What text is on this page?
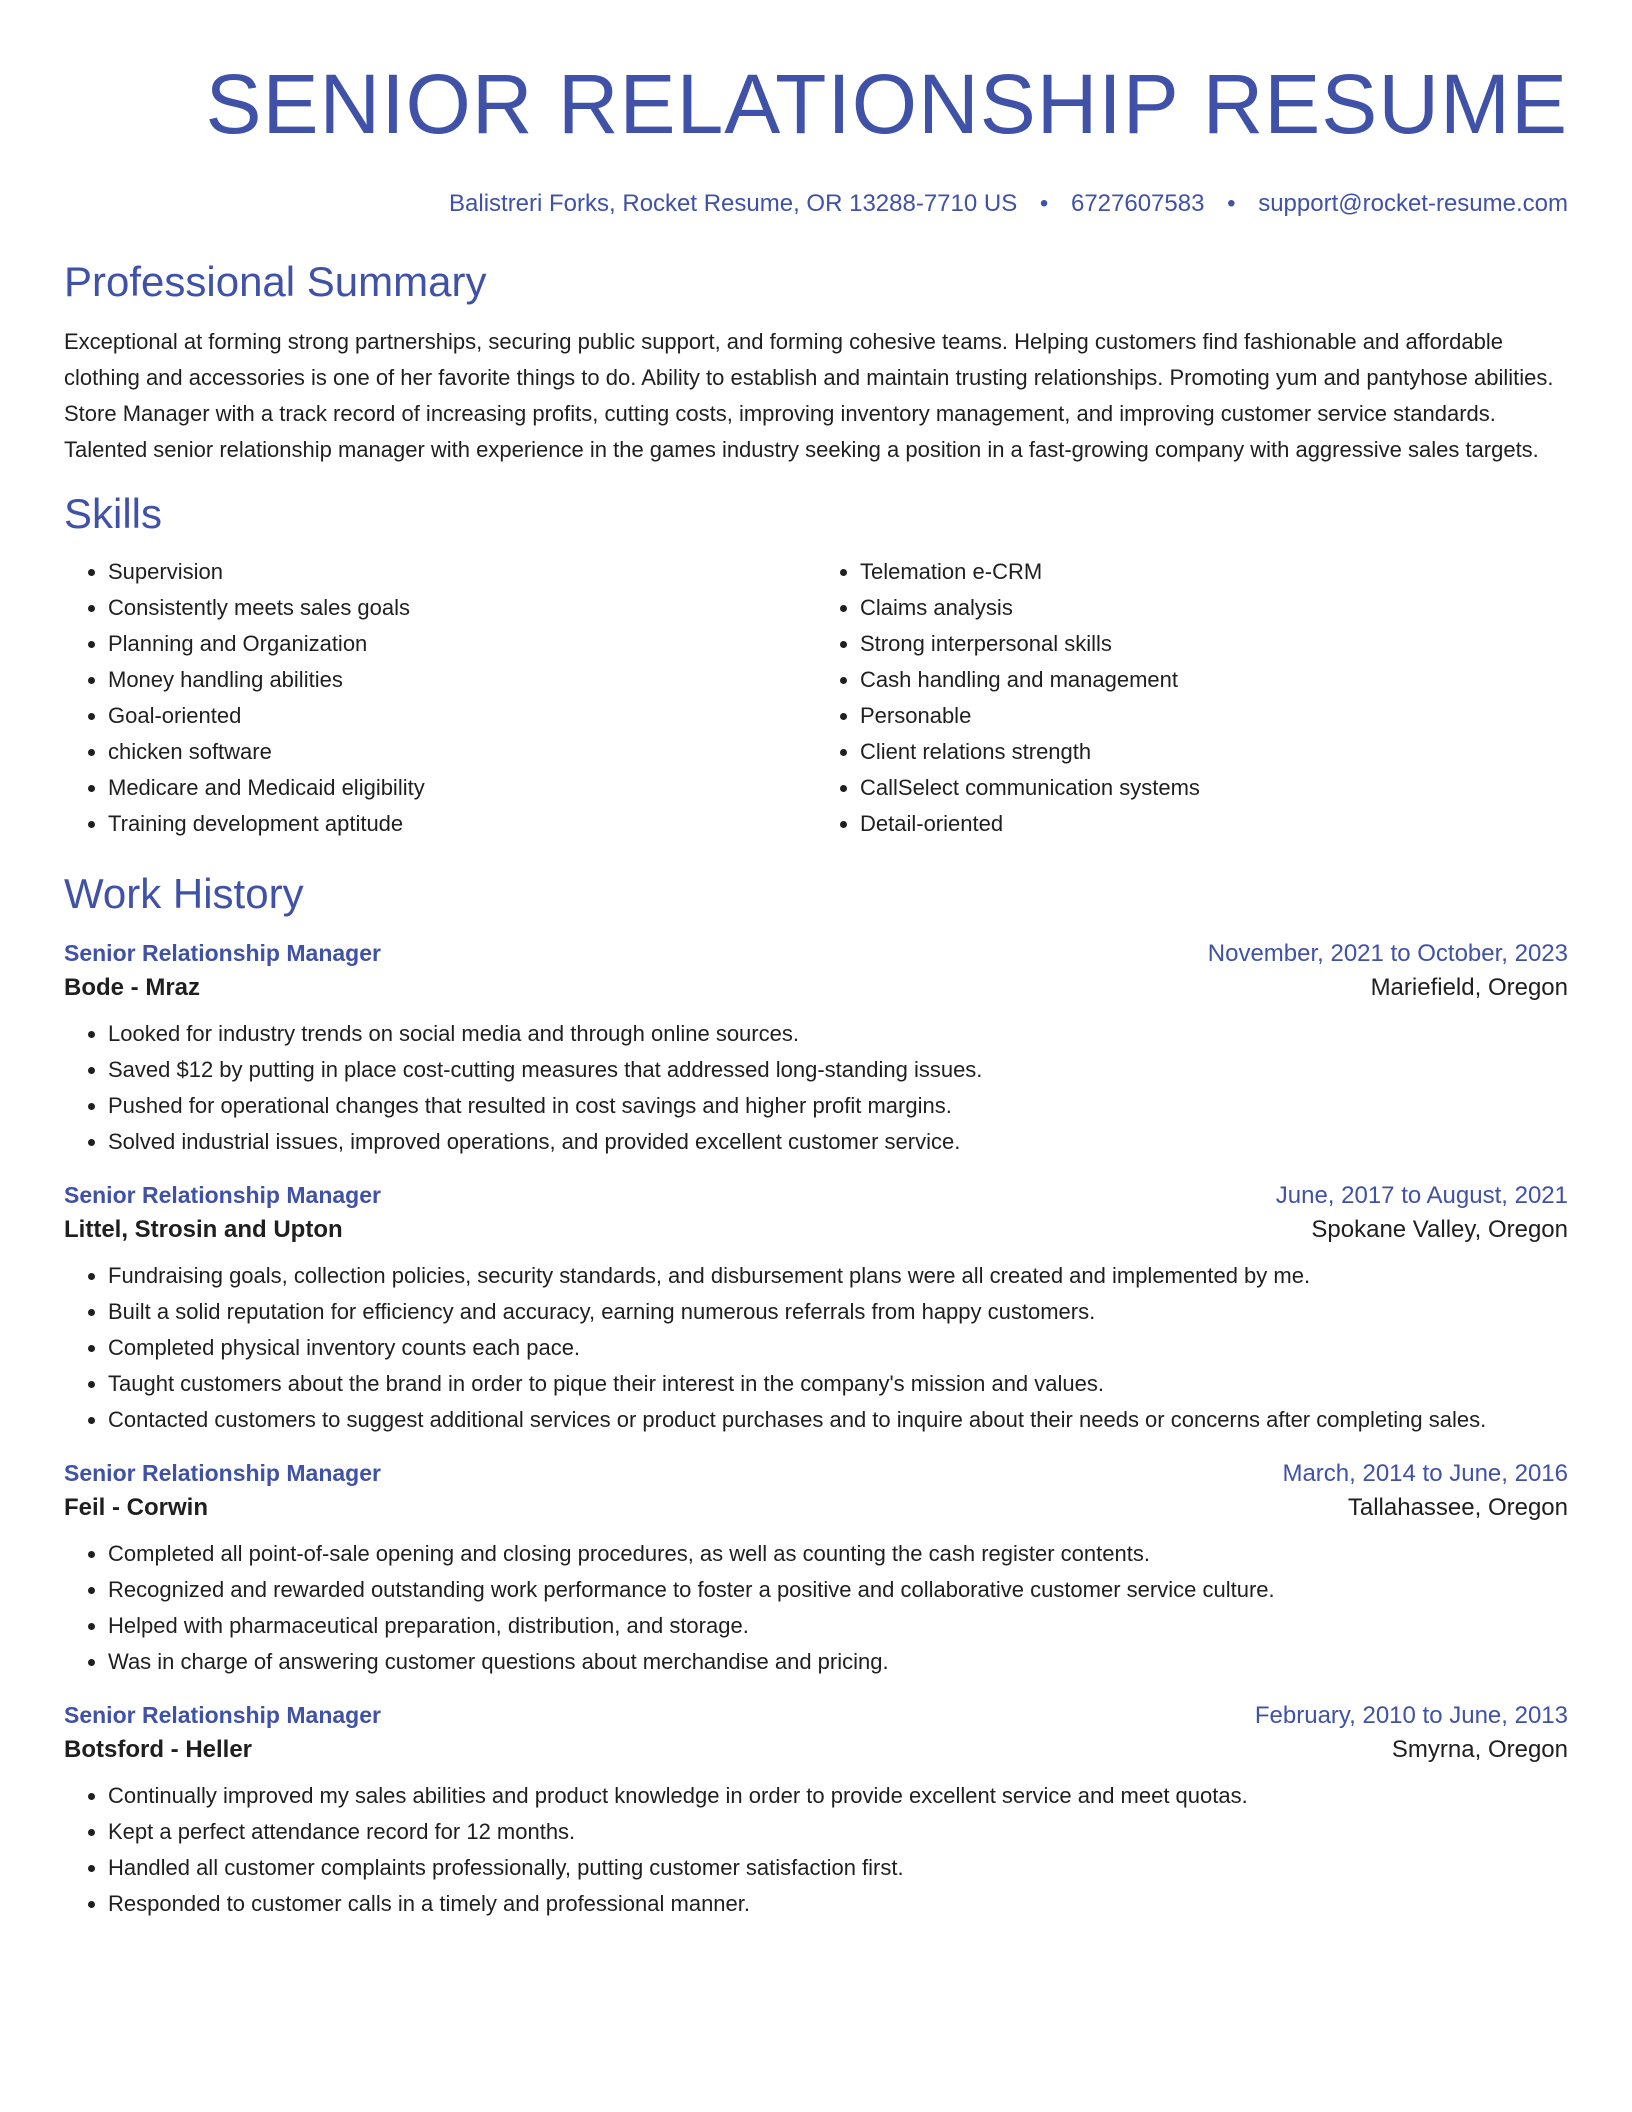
SENIOR RELATIONSHIP RESUME
Balistreri Forks, Rocket Resume, OR 13288-7710 US • 6727607583 • support@rocket-resume.com
Professional Summary

Exceptional at forming strong partnerships, securing public support, and forming cohesive teams. Helping customers find fashionable and affordable clothing and accessories is one of her favorite things to do. Ability to establish and maintain trusting relationships. Promoting yum and pantyhose abilities. Store Manager with a track record of increasing profits, cutting costs, improving inventory management, and improving customer service standards. Talented senior relationship manager with experience in the games industry seeking a position in a fast-growing company with aggressive sales targets.

Skills
• Supervision
• Consistently meets sales goals
• Planning and Organization
• Money handling abilities
• Goal-oriented
• chicken software
• Medicare and Medicaid eligibility
• Training development aptitude
• Telemation e-CRM
• Claims analysis
• Strong interpersonal skills
• Cash handling and management
• Personable
• Client relations strength
• CallSelect communication systems
• Detail-oriented
Work History
Senior Relationship Manager	November, 2021 to October, 2023
Bode - Mraz	Mariefield, Oregon
• Looked for industry trends on social media and through online sources.
• Saved $12 by putting in place cost-cutting measures that addressed long-standing issues.
• Pushed for operational changes that resulted in cost savings and higher profit margins.
• Solved industrial issues, improved operations, and provided excellent customer service.
Senior Relationship Manager	June, 2017 to August, 2021
Littel, Strosin and Upton	Spokane Valley, Oregon
• Fundraising goals, collection policies, security standards, and disbursement plans were all created and implemented by me.
• Built a solid reputation for efficiency and accuracy, earning numerous referrals from happy customers.
• Completed physical inventory counts each pace.
• Taught customers about the brand in order to pique their interest in the company's mission and values.
• Contacted customers to suggest additional services or product purchases and to inquire about their needs or concerns after completing sales.
Senior Relationship Manager	March, 2014 to June, 2016
Feil - Corwin	Tallahassee, Oregon
• Completed all point-of-sale opening and closing procedures, as well as counting the cash register contents.
• Recognized and rewarded outstanding work performance to foster a positive and collaborative customer service culture.
• Helped with pharmaceutical preparation, distribution, and storage.
• Was in charge of answering customer questions about merchandise and pricing.
Senior Relationship Manager	February, 2010 to June, 2013
Botsford - Heller	Smyrna, Oregon
• Continually improved my sales abilities and product knowledge in order to provide excellent service and meet quotas.
• Kept a perfect attendance record for 12 months.
• Handled all customer complaints professionally, putting customer satisfaction first.
• Responded to customer calls in a timely and professional manner.
